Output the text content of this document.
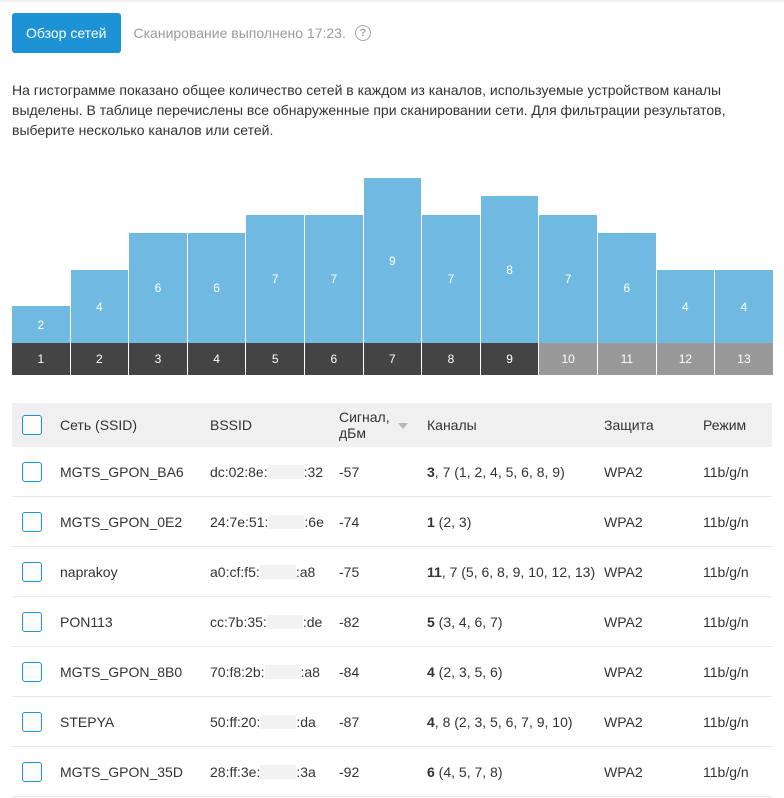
Обзор сетей	Сканирование выполнено 17:23.	?

На гистограмме показано общее количество сетей в каждом из каналов, используемые устройством каналы выделены. В таблице перечислены все обнаруженные при сканировании сети. Для фильтрации результатов, выберите несколько каналов или сетей.

2
1
4
2
6
3
6
4
7
5
7
6
9
7
7
8
8
9
7
10
6
11
4
12
4
13
	Сеть (SSID)	BSSID	Сигнал,
дБм	Каналы	Защита	Режим
	MGTS_GPON_BA6	dc:02:8e: :32	-57	3, 7 (1, 2, 4, 5, 6, 8, 9)	WPA2	11b/g/n
	MGTS_GPON_0E2	24:7e:51: :6e	-74	1 (2, 3)	WPA2	11b/g/n
	naprakoy	a0:cf:f5: :a8	-75	11, 7 (5, 6, 8, 9, 10, 12, 13)	WPA2	11b/g/n
	PON113	cc:7b:35: :de	-82	5 (3, 4, 6, 7)	WPA2	11b/g/n
	MGTS_GPON_8B0	70:f8:2b: :a8	-84	4 (2, 3, 5, 6)	WPA2	11b/g/n
	STEPYA	50:ff:20: :da	-87	4, 8 (2, 3, 5, 6, 7, 9, 10)	WPA2	11b/g/n
	MGTS_GPON_35D	28:ff:3e: :3a	-92	6 (4, 5, 7, 8)	WPA2	11b/g/n
